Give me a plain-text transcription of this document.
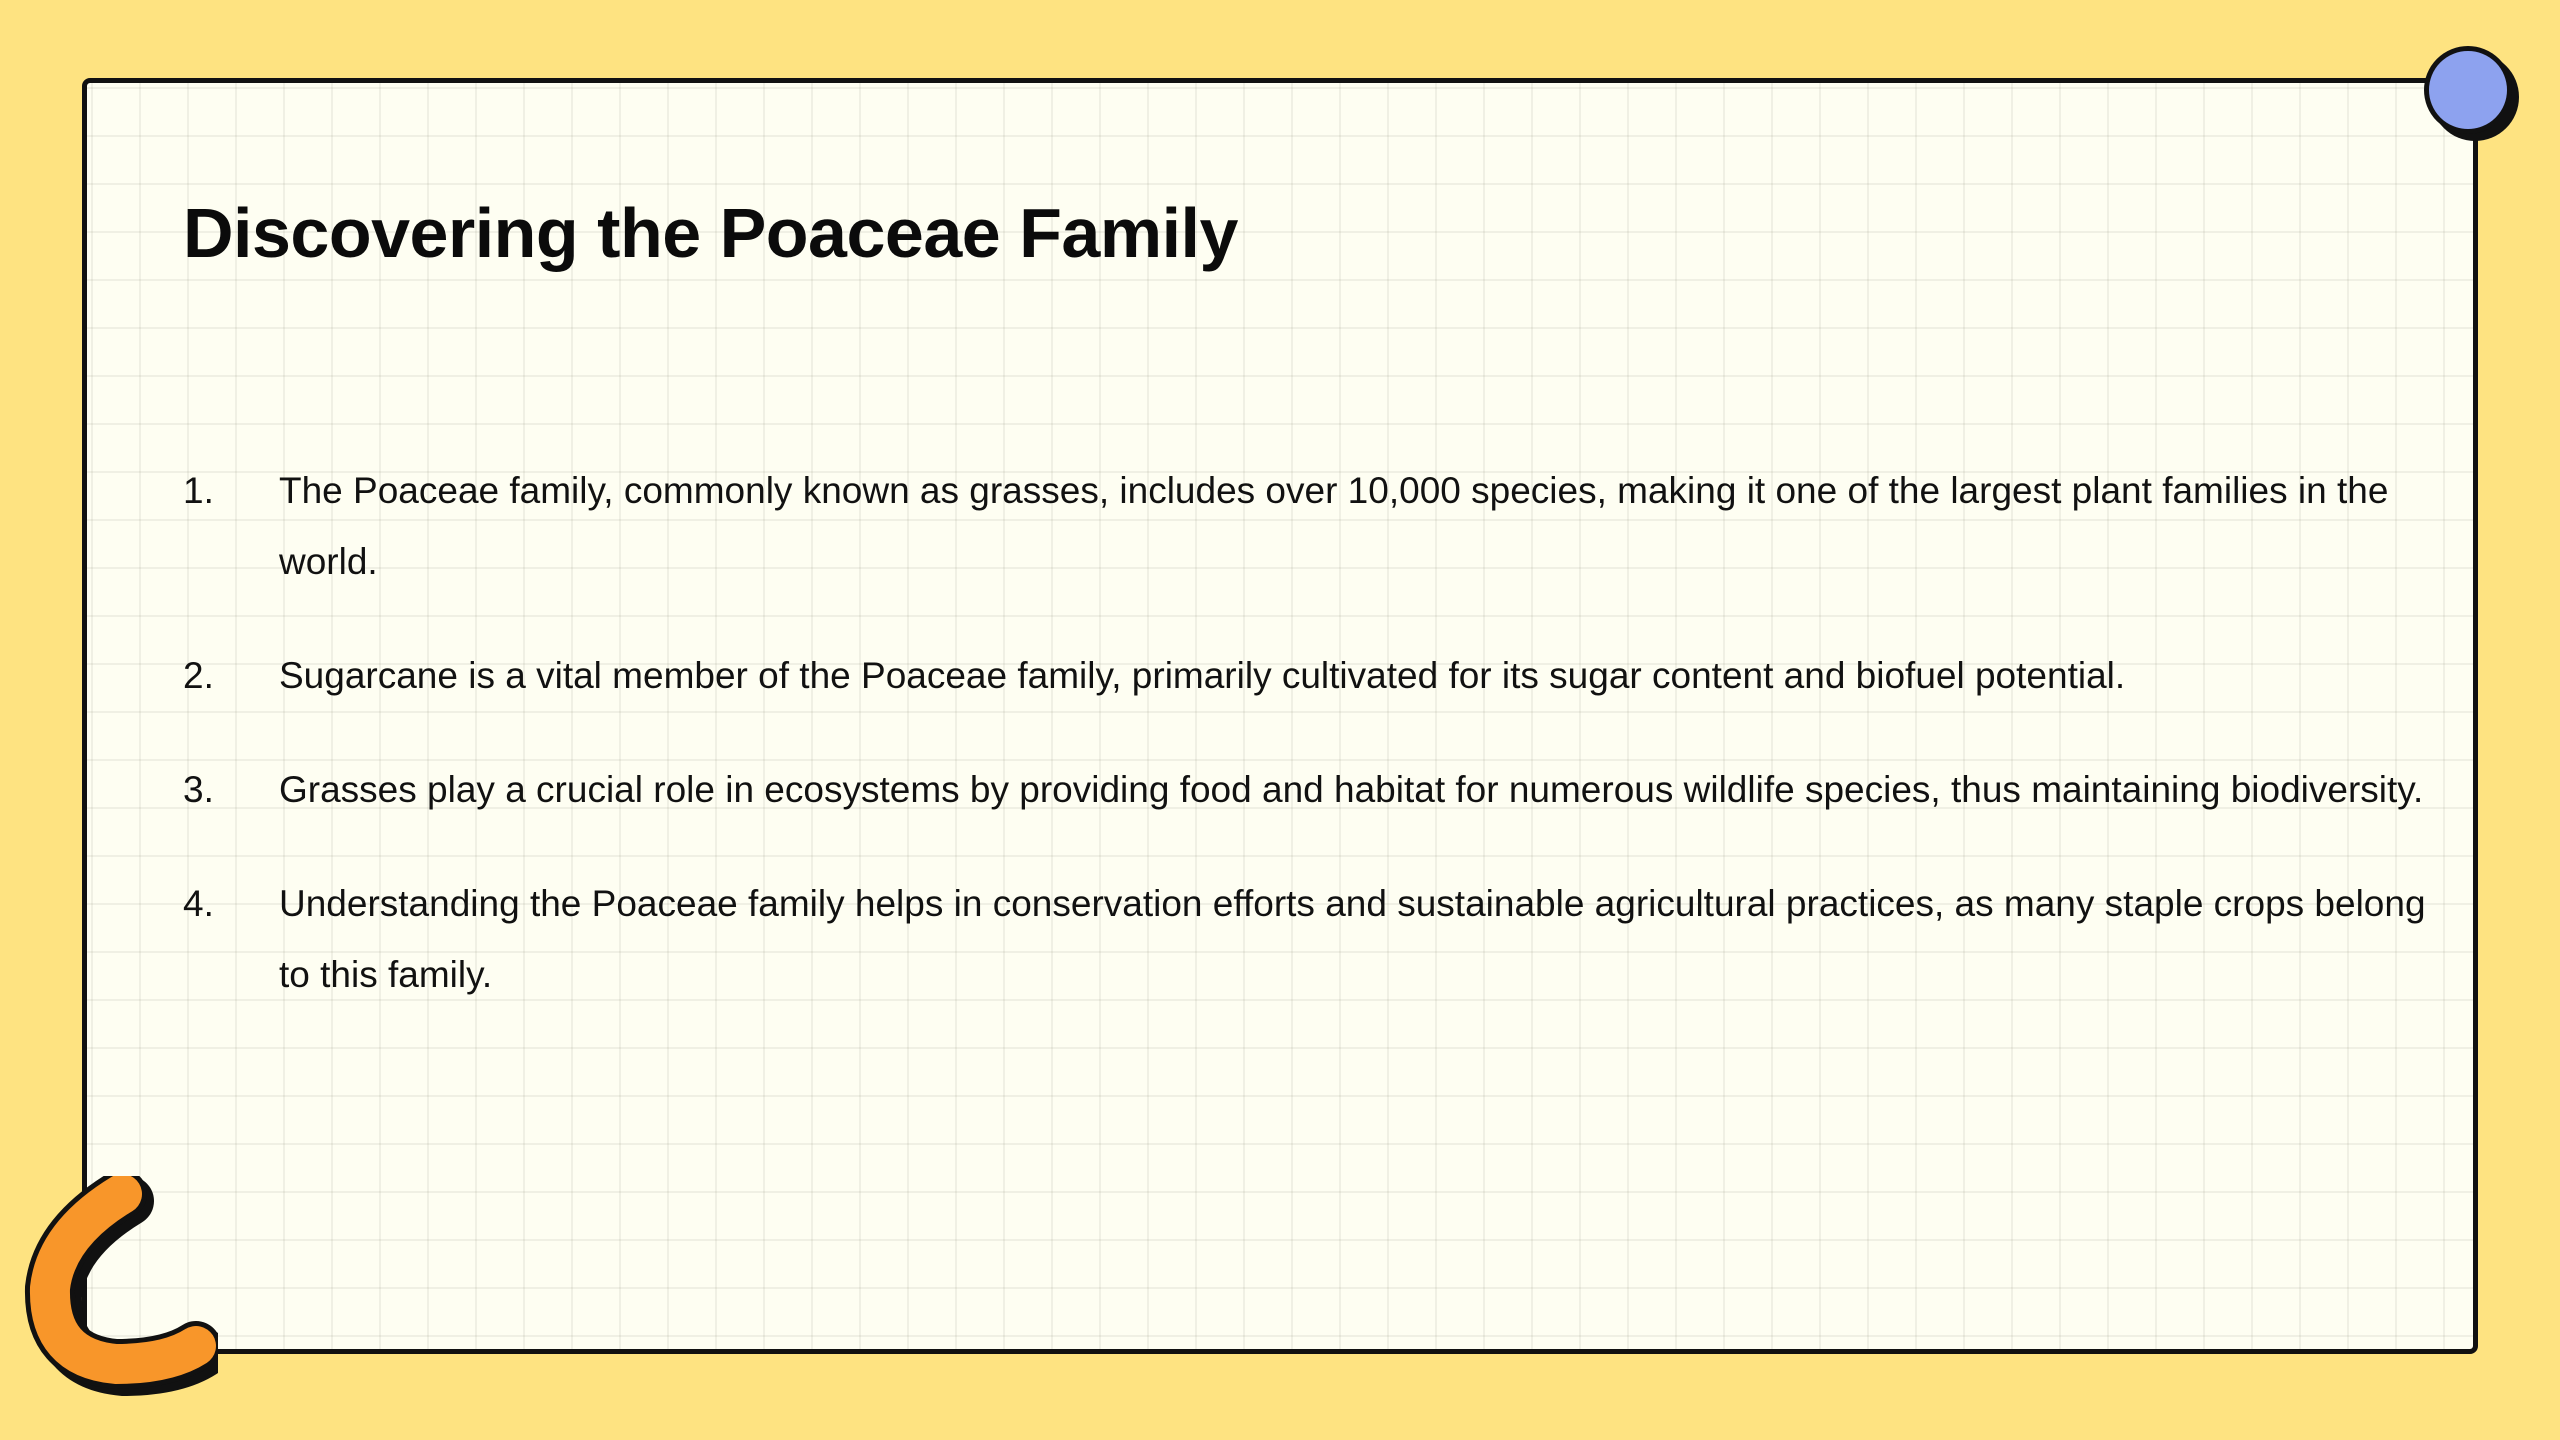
Discovering the Poaceae Family
1. The Poaceae family, commonly known as grasses, includes over 10,000 species, making it one of the largest plant families in the world.
2. Sugarcane is a vital member of the Poaceae family, primarily cultivated for its sugar content and biofuel potential.
3. Grasses play a crucial role in ecosystems by providing food and habitat for numerous wildlife species, thus maintaining biodiversity.
4. Understanding the Poaceae family helps in conservation efforts and sustainable agricultural practices, as many staple crops belong to this family.
